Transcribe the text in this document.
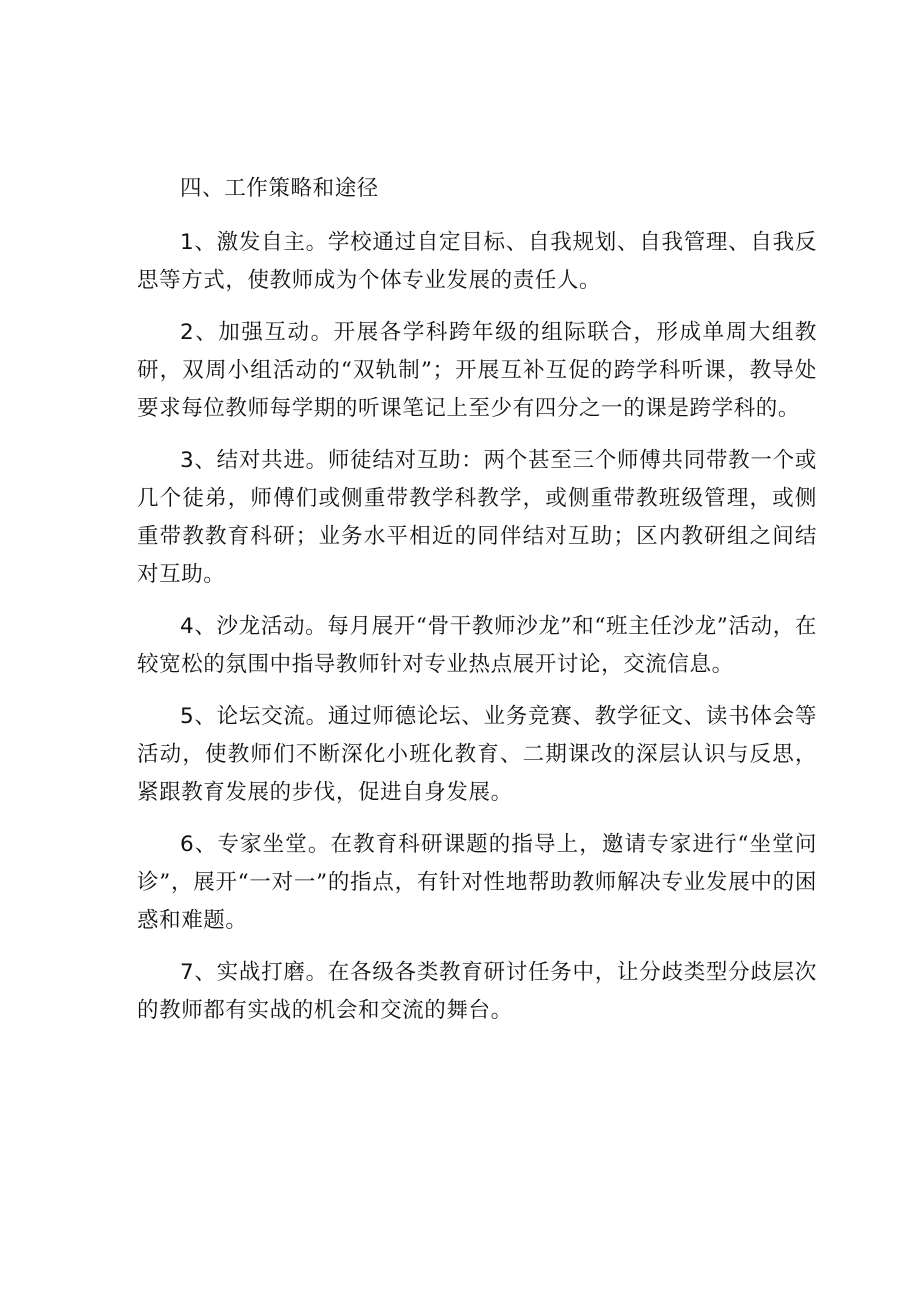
四、工作策略和途径

1、激发自主。学校通过自定目标、自我规划、自我管理、自我反思等方式，使教师成为个体专业发展的责任人。

2、加强互动。开展各学科跨年级的组际联合，形成单周大组教研，双周小组活动的“双轨制”；开展互补互促的跨学科听课，教导处要求每位教师每学期的听课笔记上至少有四分之一的课是跨学科的。

3、结对共进。师徒结对互助：两个甚至三个师傅共同带教一个或几个徒弟，师傅们或侧重带教学科教学，或侧重带教班级管理，或侧重带教教育科研；业务水平相近的同伴结对互助；区内教研组之间结对互助。

4、沙龙活动。每月展开“骨干教师沙龙”和“班主任沙龙”活动，在较宽松的氛围中指导教师针对专业热点展开讨论，交流信息。

5、论坛交流。通过师德论坛、业务竞赛、教学征文、读书体会等活动，使教师们不断深化小班化教育、二期课改的深层认识与反思，紧跟教育发展的步伐，促进自身发展。

6、专家坐堂。在教育科研课题的指导上，邀请专家进行“坐堂问诊”，展开“一对一”的指点，有针对性地帮助教师解决专业发展中的困惑和难题。

7、实战打磨。在各级各类教育研讨任务中，让分歧类型分歧层次的教师都有实战的机会和交流的舞台。
